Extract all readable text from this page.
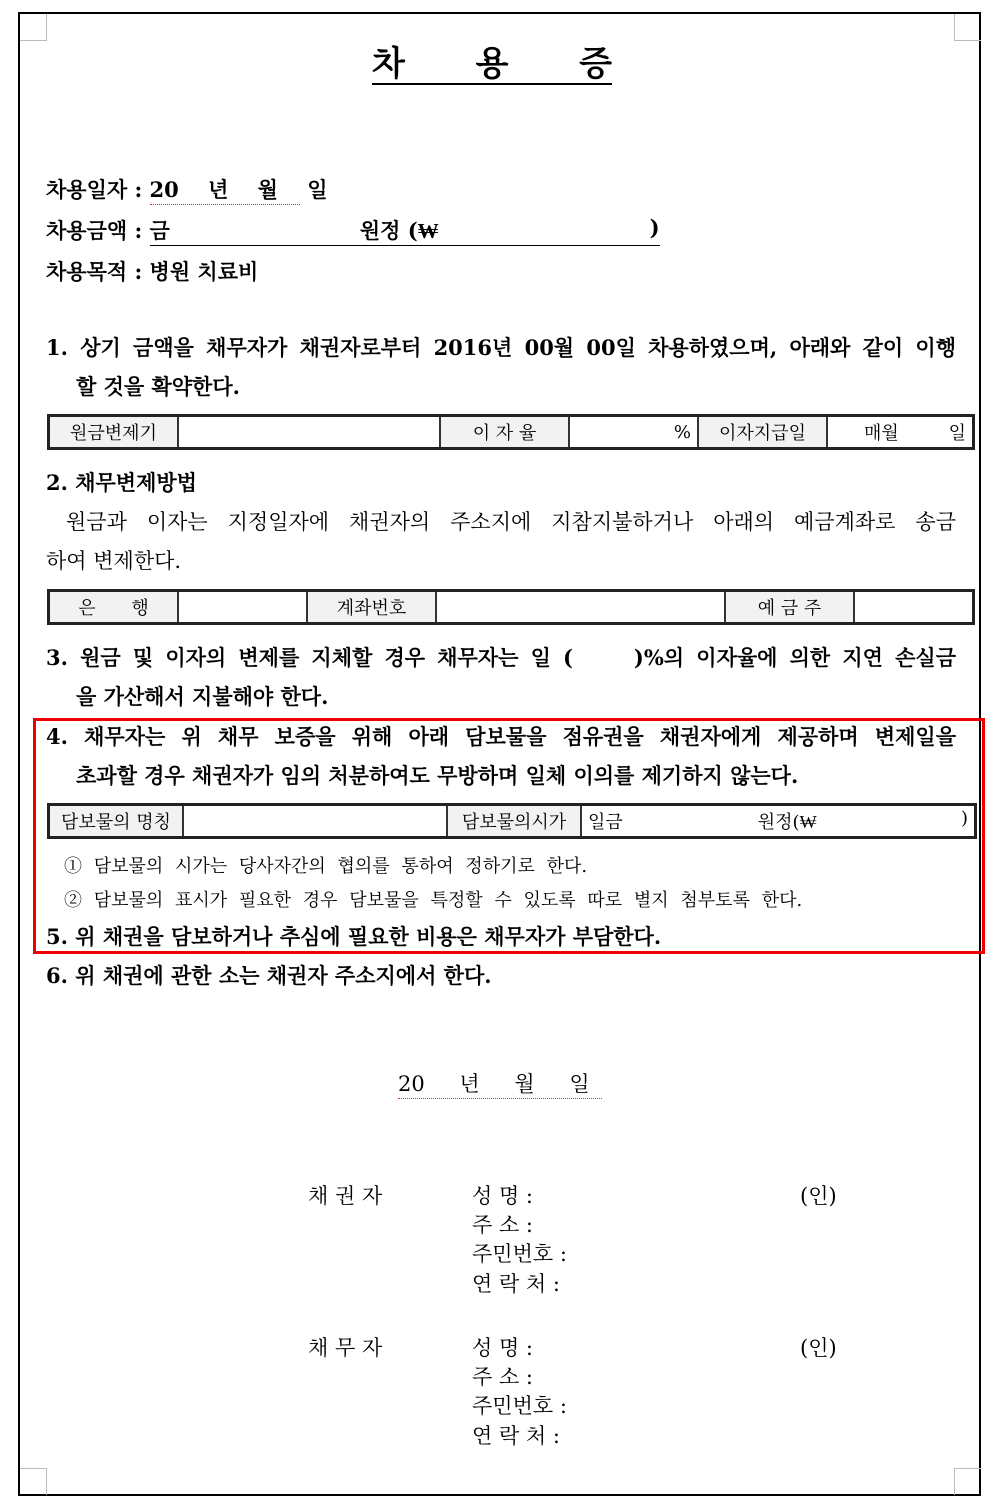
차 용 증
차용일자 : 20 년 월 일
차용금액 : 금	원정 (₩	)
차용목적 : 병원 치료비
1. 상기 금액을 채무자가 채권자로부터 2016년 00월 00일 차용하였으며, 아래와 같이 이행
할 것을 확약한다.
원금변제기		이 자 율	%	이자지급일	매월	일
2. 채무변제방법
원금과 이자는 지정일자에 채권자의 주소지에 지참지불하거나 아래의 예금계좌로 송금
하여 변제한다.
은 행		계좌번호		예 금 주	
3. 원금 및 이자의 변제를 지체할 경우 채무자는 일 (     )%의 이자율에 의한 지연 손실금
을 가산해서 지불해야 한다.
4. 채무자는 위 채무 보증을 위해 아래 담보물을 점유권을 채권자에게 제공하며 변제일을
초과할 경우 채권자가 임의 처분하여도 무방하며 일체 이의를 제기하지 않는다.
담보물의 명칭		담보물의시가	일금	원정(₩	)
① 담보물의 시가는 당사자간의 협의를 통하여 정하기로 한다.
② 담보물의 표시가 필요한 경우 담보물을 특정할 수 있도록 따로 별지 첨부토록 한다.
5. 위 채권을 담보하거나 추심에 필요한 비용은 채무자가 부담한다.
6. 위 채권에 관한 소는 채권자 주소지에서 한다.
20 년 월 일
채 권 자	성 명 :
주 소 :
주민번호 :
연 락 처 :
(인)
채 무 자	성 명 :
주 소 :
주민번호 :
연 락 처 :
(인)
